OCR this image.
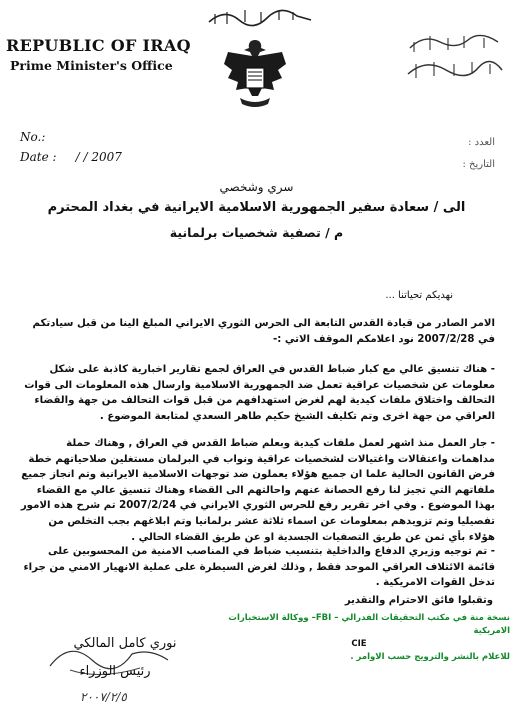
REPUBLIC OF IRAQ
Prime Minister's Office
No.:
Date : / / 2007
العدد :
التاريخ :
سري وشخصي
الى / سعادة سفير الجمهورية الاسلامية الايرانية في بغداد المحترم
م / تصفية شخصيات برلمانية
نهديكم تحياتنا ...
الامر الصادر من قيادة القدس التابعة الى الحرس الثوري الايراني المبلغ الينا من قبل سيادتكم في 2007/2/28 نود اعلامكم الموقف الاتي :-
- هناك تنسيق عالي مع كبار ضباط القدس في العراق لجمع تقارير اخبارية كاذبة على شكل معلومات عن شخصيات عراقية تعمل ضد الجمهورية الاسلامية وارسال هذه المعلومات الى قوات التحالف واختلاق ملفات كيدية لهم لغرض استهدافهم من قبل قوات التحالف من جهة والقضاء العراقي من جهة اخرى وتم تكليف الشيخ حكيم طاهر السعدي لمتابعة الموضوع .
- جار العمل منذ اشهر لعمل ملفات كيدية وبعلم ضباط القدس في العراق , وهناك حملة مداهمات واعتقالات واغتيالات لشخصيات عراقية ونواب في البرلمان مستغلين صلاحياتهم خطة فرض القانون الحالية علما ان جميع هؤلاء يعملون ضد توجهات الاسلامية الايرانية وتم انجاز جميع ملفاتهم التي تجيز لنا رفع الحصانة عنهم واحالتهم الى القضاء وهناك تنسيق عالي مع القضاء بهذا الموضوع . وفي اخر تقرير رفع للحرس الثوري الايراني في 2007/2/24 تم شرح هذه الامور تفصيليا وتم تزويدهم بمعلومات عن اسماء ثلاثة عشر برلمانيا وتم ابلاغهم بجب التخلص من هؤلاء بأي ثمن عن طريق التصفيات الجسدية او عن طريق القضاء الحالي .
- تم توجيه وزيري الدفاع والداخلية بتنسيب ضباط في المناصب الامنية من المحسوبين على قائمة الائتلاف العراقي الموحد فقط , وذلك لغرض السيطرة على عملية الانهيار الامني من جراء تدخل القوات الامريكية .
وتقبلوا فائق الاحترام والتقدير
نسخة منة في مكتب التحقيقات الفدرالي – FBI– ووكالة الاستخبارات الامريكية
CIE
للاعلام بالنشر والترويج حسب الاوامر .
نوري كامل المالكي
رئيس الوزراء
٢٠٠٧/٢/٥
